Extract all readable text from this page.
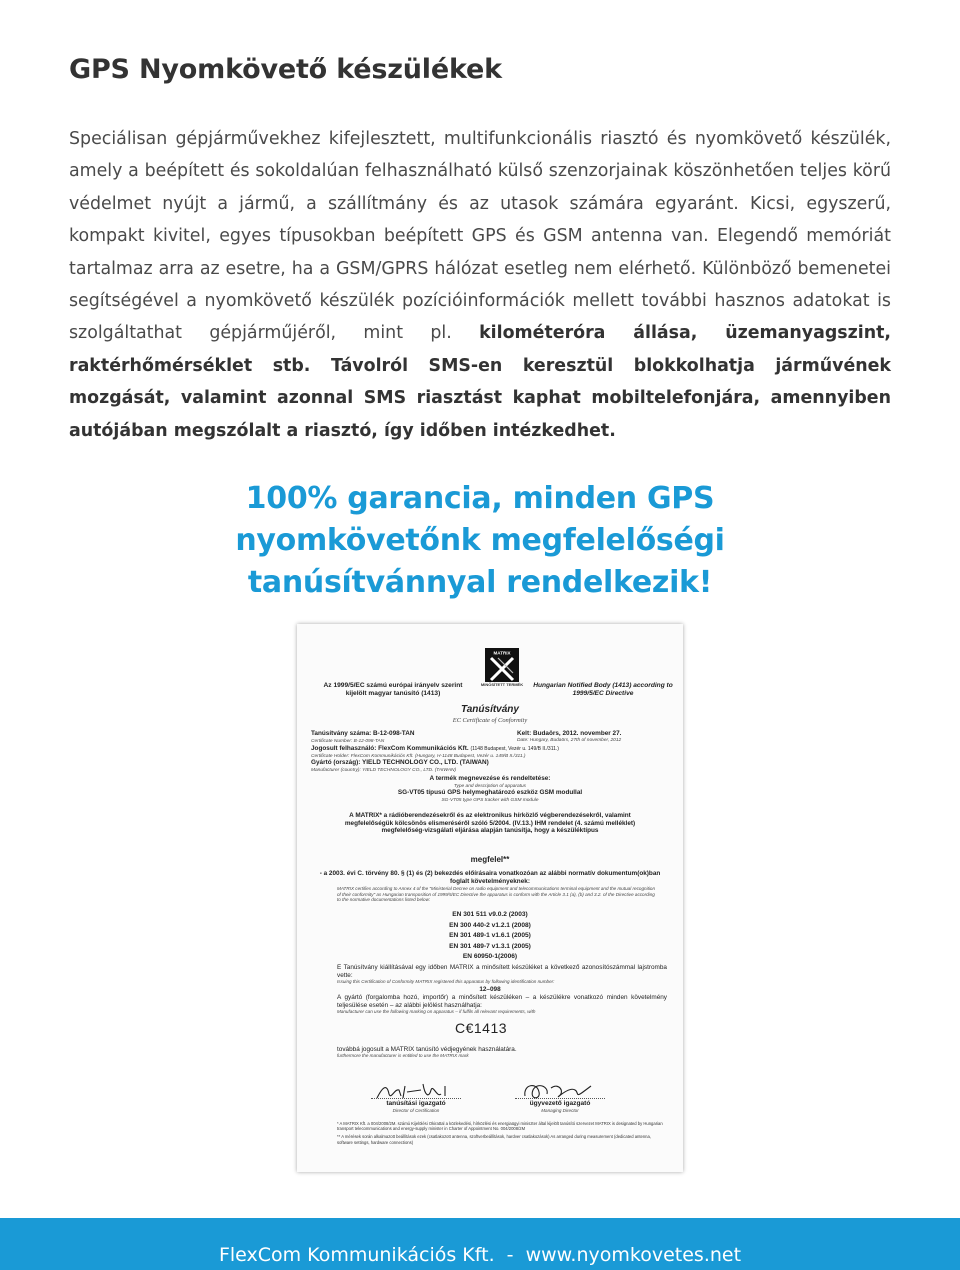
GPS Nyomkövető készülékek

Speciálisan gépjárművekhez kifejlesztett, multifunkcionális riasztó és nyomkövető készülék, amely a beépített és sokoldalúan felhasználható külső szenzorjainak köszönhetően teljes körű védelmet nyújt a jármű, a szállítmány és az utasok számára egyaránt. Kicsi, egyszerű, kompakt kivitel, egyes típusokban beépített GPS és GSM antenna van. Elegendő memóriát tartalmaz arra az esetre, ha a GSM/GPRS hálózat esetleg nem elérhető. Különböző bemenetei segítségével a nyomkövető készülék pozícióinformációk mellett további hasznos adatokat is szolgáltathat gépjárműjéről, mint pl. kilométeróra állása, üzemanyagszint, raktérhőmérséklet stb. Távolról SMS-en keresztül blokkolhatja járművének mozgását, valamint azonnal SMS riasztást kaphat mobiltelefonjára, amennyiben autójában megszólalt a riasztó, így időben intézkedhet.

100% garancia, minden GPS nyomkövetőnk megfelelőségi tanúsítvánnyal rendelkezik!
MATRIX
MINŐSÍTETT TERMÉK
Az 1999/5/EC számú európai irányelv szerint kijelölt magyar tanúsító (1413)
Hungarian Notified Body (1413) according to 1999/5/EC Directive
Tanúsítvány
EC Certificate of Conformity
Tanúsítvány száma: B-12-098-TAN	Kelt: Budaörs, 2012. november 27.
Certificate Number: B-12-098-TAN	Date: Hungary, Budaörs, 27th of november, 2012
Jogosult felhasználó: FlexCom Kommunikációs Kft. (1148 Budapest, Vezér u. 149/B II./311.)
Certificate Holder: FlexCom Kommunikációs Kft. (Hungary, H-1148 Budapest, Vezér u. 149/B II./311.)
Gyártó (ország): YIELD TECHNOLOGY CO., LTD. (TAIWAN)
Manufacturer (country): YIELD TECHNOLOGY CO., LTD. (TAIWAN)
A termék megnevezése és rendeltetése:
Type and description of apparatus
SG-VT05 típusú GPS helymeghatározó eszköz GSM modullal
SG-VT05 type GPS tracker with GSM module
A MATRIX* a rádióberendezésekről és az elektronikus hírközlő végberendezésekről, valamint megfelelőségük kölcsönös elismeréséről szóló 5/2004. (IV.13.) IHM rendelet (4. számú melléklet) megfelelőség-vizsgálati eljárása alapján tanúsítja, hogy a készüléktípus
megfelel**
- a 2003. évi C. törvény 80. § (1) és (2) bekezdés előírásaira vonatkozóan az alábbi normatív dokumentum(ok)ban foglalt követelményeknek:
MATRIX certifies according to Annex 4 of the "Ministerial Decree on radio equipment and telecommunications terminal equipment and the mutual recognition of their conformity" as Hungarian transposition of 1999/5/EC Directive the apparatus is conform with the Article 3.1 (a), (b) and 3.2. of the Directive according to the normative documentations listed below:
EN 301 511 v9.0.2 (2003)
EN 300 440-2 v1.2.1 (2008)
EN 301 489-1 v1.6.1 (2005)
EN 301 489-7 v1.3.1 (2005)
EN 60950-1(2006)
E Tanúsítvány kiállításával egy időben MATRIX a minősített készüléket a következő azonosítószámmal lajstromba vette:
Issuing this Certification of Conformity MATRIX registered this apparatus by following identification number:
12–098
A gyártó (forgalomba hozó, importőr) a minősített készüléken – a készülékre vonatkozó minden követelmény teljesülése esetén – az alábbi jelölést használhatja:
Manufacturer can use the following marking on apparatus – if fulfils all relevant requirements, with
C€1413
továbbá jogosult a MATRIX tanúsító védjegyének használatára.
furthermore the manufacturer is entitled to use the MATRIX mark
tanúsítási igazgató
Director of Certification
ügyvezető igazgató
Managing Director
* A MATRIX Kft. a 004/2008/2M. számú Kijelölési Okirattal a közlekedési, hírközlési és energiaügyi miniszter által kijelölt tanúsító szervezet MATRIX is designated by Hungarian transport telecommunications and energy-supply minister in Charter of Appointment No. 004/2008/2M
** A mérések során alkalmazott beállítások ezek (csatlakozott antenna, szoftverbeállítások, hardver csatlakozások) As arranged during measurement (dedicated antenna, software settings, hardware connections)
FlexCom Kommunikációs Kft. - www.nyomkovetes.net
